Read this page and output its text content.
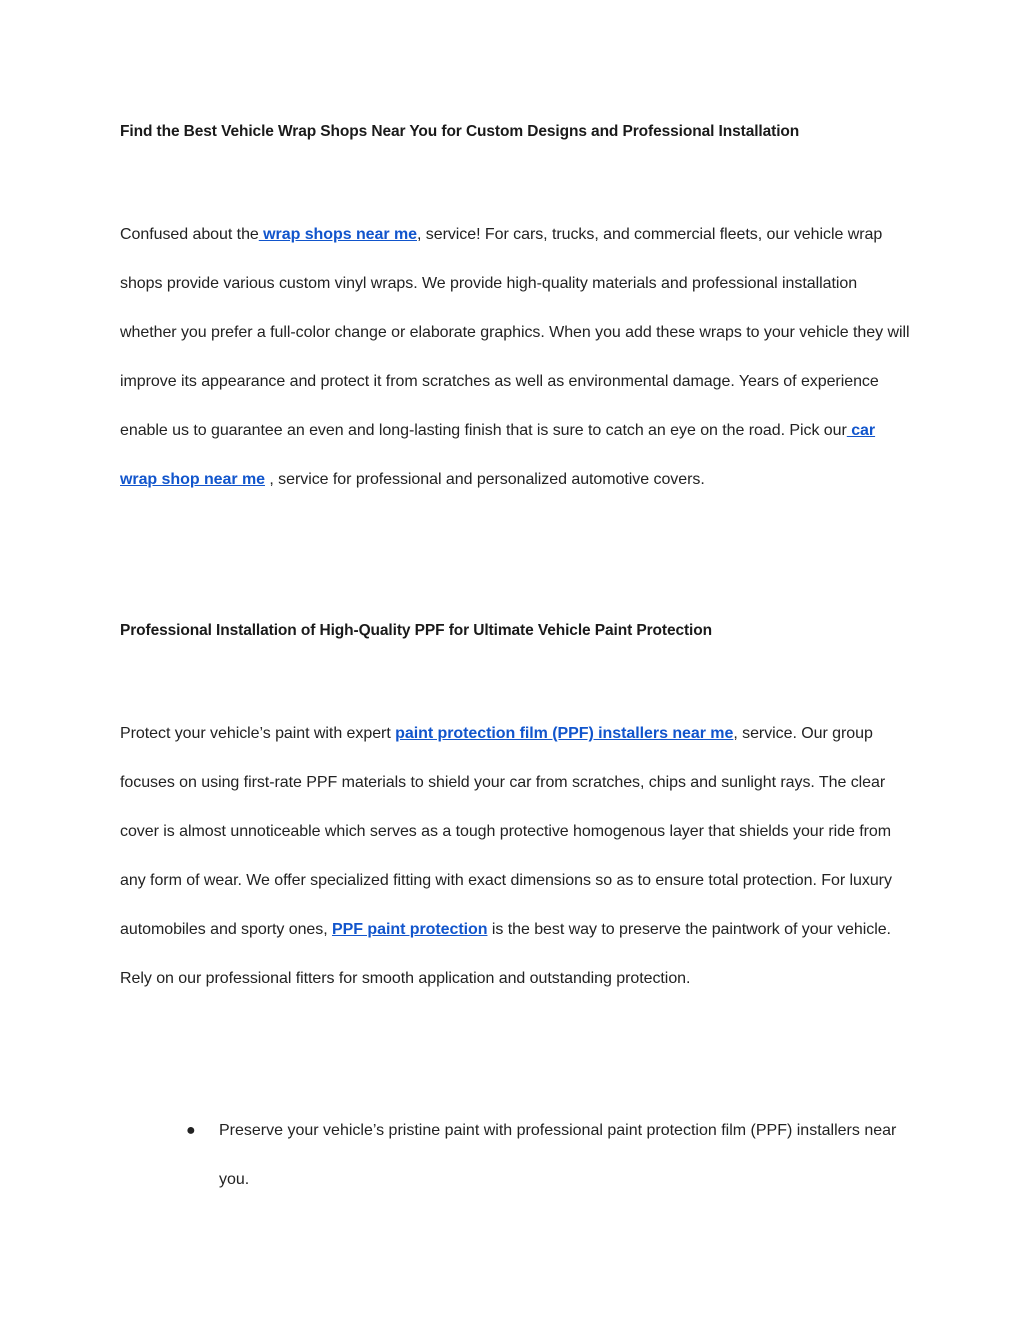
Find the Best Vehicle Wrap Shops Near You for Custom Designs and Professional Installation

Confused about the wrap shops near me, service! For cars, trucks, and commercial fleets, our vehicle wrap shops provide various custom vinyl wraps. We provide high-quality materials and professional installation whether you prefer a full-color change or elaborate graphics. When you add these wraps to your vehicle they will improve its appearance and protect it from scratches as well as environmental damage. Years of experience enable us to guarantee an even and long-lasting finish that is sure to catch an eye on the road. Pick our car wrap shop near me , service for professional and personalized automotive covers.

Professional Installation of High-Quality PPF for Ultimate Vehicle Paint Protection

Protect your vehicle’s paint with expert paint protection film (PPF) installers near me, service. Our group focuses on using first-rate PPF materials to shield your car from scratches, chips and sunlight rays. The clear cover is almost unnoticeable which serves as a tough protective homogenous layer that shields your ride from any form of wear. We offer specialized fitting with exact dimensions so as to ensure total protection. For luxury automobiles and sporty ones, PPF paint protection is the best way to preserve the paintwork of your vehicle. Rely on our professional fitters for smooth application and outstanding protection.

● Preserve your vehicle’s pristine paint with professional paint protection film (PPF) installers near you.
